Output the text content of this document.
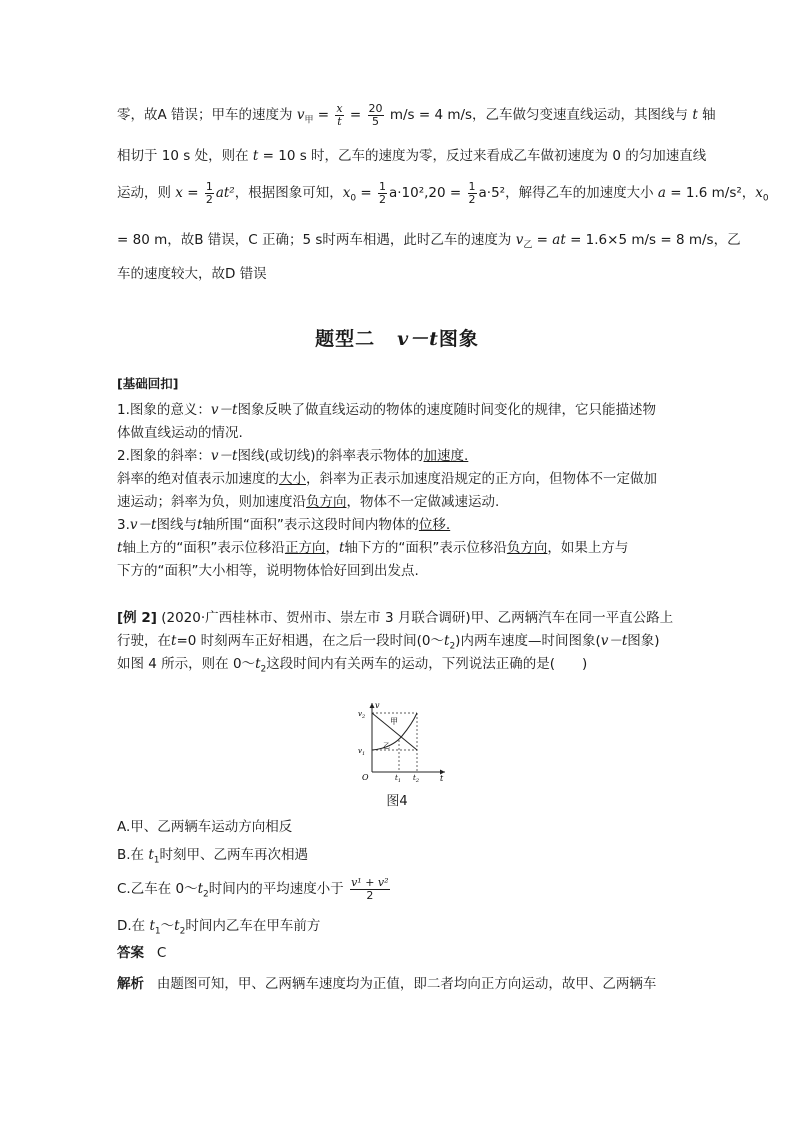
零，故A 错误；甲车的速度为 $v_甲 = \frac{x}{t} = \frac{20}{5} m/s = 4$ m/s，乙车做匀变速直线运动，其图线与 t 轴
相切于 10 s 处，则在 t = 10 s 时，乙车的速度为零，反过来看成乙车做初速度为 0 的匀加速直线
运动，则 $x = \frac{1}{2} at^2$，根据图象可知，$x_0 = \frac{1}{2} a\cdot 10^2,20 = \frac{1}{2} a\cdot 5^2$，解得乙车的加速度大小 a = 1.6 m/s²，$x_0$
= 80 m，故B 错误，C 正确；5 s时两车相遇，此时乙车的速度为 $v_乙$ = at = 1.6×5 m/s = 8 m/s，乙
车的速度较大，故D 错误
题型二 v－t图象
[基础回扣]
1.图象的意义：v－t图象反映了做直线运动的物体的速度随时间变化的规律，它只能描述物
体做直线运动的情况.
2.图象的斜率：v－t图线(或切线)的斜率表示物体的加速度.
斜率的绝对值表示加速度的大小，斜率为正表示加速度沿规定的正方向，但物体不一定做加
速运动；斜率为负，则加速度沿负方向，物体不一定做减速运动.
3.v－t图线与t轴所围“面积”表示这段时间内物体的位移.
t轴上方的“面积”表示位移沿正方向，t轴下方的“面积”表示位移沿负方向，如果上方与
下方的“面积”大小相等，说明物体恰好回到出发点.
[例 2] (2020·广西桂林市、贺州市、崇左市 3 月联合调研)甲、乙两辆汽车在同一平直公路上
行驶，在t=0 时刻两车正好相遇，在之后一段时间$(0\sim t_2)$内两车速度—时间图象(v－t图象)
如图 4 所示，则在 $0\sim t_2$这段时间内有关两车的运动，下列说法正确的是(　　)
v
t
O
$v_2$
$v_1$
$t_1$ $t_2$
甲
乙
图4
A.甲、乙两辆车运动方向相反
B.在 $t_1$时刻甲、乙两车再次相遇
C.乙车在 $0\sim t_2$时间内的平均速度小于 $\frac{\text{v¹ + v²}}{2}$
D.在 $t_1\sim t_2$时间内乙车在甲车前方
答案 C
解析 由题图可知，甲、乙两辆车速度均为正值，即二者均向正方向运动，故甲、乙两辆车
